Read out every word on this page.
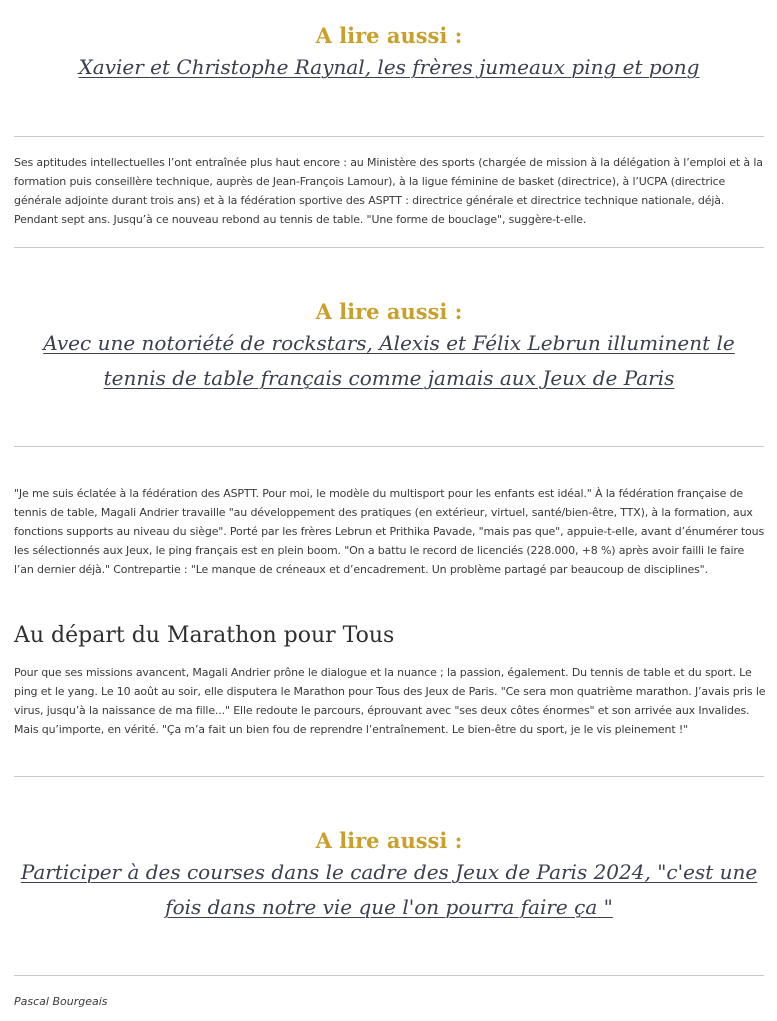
A lire aussi :
Xavier et Christophe Raynal, les frères jumeaux ping et pong

Ses aptitudes intellectuelles l’ont entraînée plus haut encore : au Ministère des sports (chargée de mission à la délégation à l’emploi et à la formation puis conseillère technique, auprès de Jean-François Lamour), à la ligue féminine de basket (directrice), à l’UCPA (directrice générale adjointe durant trois ans) et à la fédération sportive des ASPTT : directrice générale et directrice technique nationale, déjà. Pendant sept ans. Jusqu’à ce nouveau rebond au tennis de table. "Une forme de bouclage", suggère-t-elle.

A lire aussi :
Avec une notoriété de rockstars, Alexis et Félix Lebrun illuminent le tennis de table français comme jamais aux Jeux de Paris

"Je me suis éclatée à la fédération des ASPTT. Pour moi, le modèle du multisport pour les enfants est idéal." À la fédération française de tennis de table, Magali Andrier travaille "au développement des pratiques (en extérieur, virtuel, santé/bien-être, TTX), à la formation, aux fonctions supports au niveau du siège". Porté par les frères Lebrun et Prithika Pavade, "mais pas que", appuie-t-elle, avant d’énumérer tous les sélectionnés aux Jeux, le ping français est en plein boom. "On a battu le record de licenciés (228.000, +8 %) après avoir failli le faire l’an dernier déjà." Contrepartie : "Le manque de créneaux et d’encadrement. Un problème partagé par beaucoup de disciplines".

Au départ du Marathon pour Tous

Pour que ses missions avancent, Magali Andrier prône le dialogue et la nuance ; la passion, également. Du tennis de table et du sport. Le ping et le yang. Le 10 août au soir, elle disputera le Marathon pour Tous des Jeux de Paris. "Ce sera mon quatrième marathon. J’avais pris le virus, jusqu’à la naissance de ma fille..." Elle redoute le parcours, éprouvant avec "ses deux côtes énormes" et son arrivée aux Invalides. Mais qu’importe, en vérité. "Ça m’a fait un bien fou de reprendre l’entraînement. Le bien-être du sport, je le vis pleinement !"

A lire aussi :
Participer à des courses dans le cadre des Jeux de Paris 2024, "c'est une fois dans notre vie que l'on pourra faire ça "

Pascal Bourgeais
